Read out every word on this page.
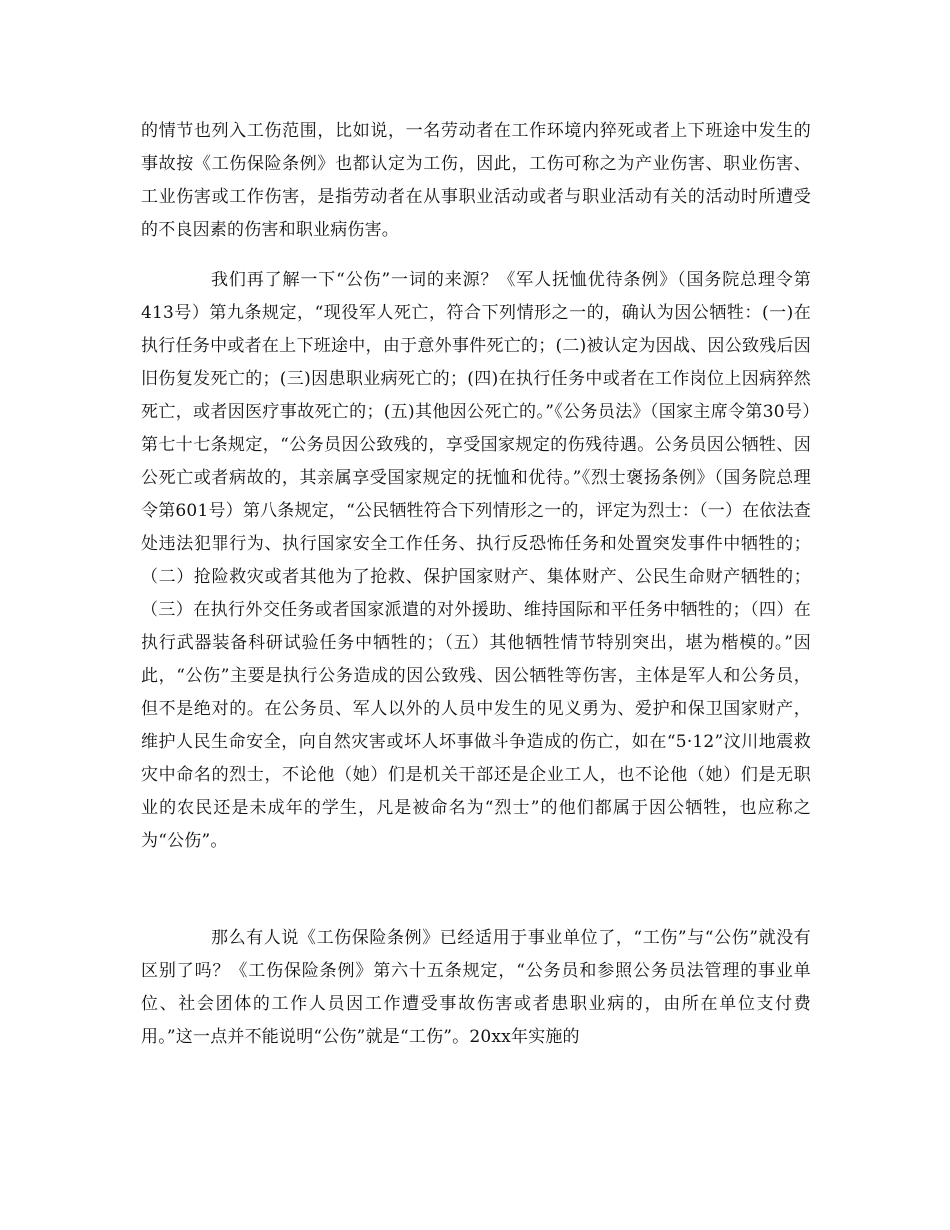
的情节也列入工伤范围，比如说，一名劳动者在工作环境内猝死或者上下班途中发生的事故按《工伤保险条例》也都认定为工伤，因此，工伤可称之为产业伤害、职业伤害、工业伤害或工作伤害，是指劳动者在从事职业活动或者与职业活动有关的活动时所遭受的不良因素的伤害和职业病伤害。

我们再了解一下“公伤”一词的来源？《军人抚恤优待条例》（国务院总理令第413号）第九条规定，“现役军人死亡，符合下列情形之一的，确认为因公牺牲：(一)在执行任务中或者在上下班途中，由于意外事件死亡的；(二)被认定为因战、因公致残后因旧伤复发死亡的；(三)因患职业病死亡的；(四)在执行任务中或者在工作岗位上因病猝然死亡，或者因医疗事故死亡的；(五)其他因公死亡的。”《公务员法》（国家主席令第30号）第七十七条规定，“公务员因公致残的，享受国家规定的伤残待遇。公务员因公牺牲、因公死亡或者病故的，其亲属享受国家规定的抚恤和优待。”《烈士褒扬条例》（国务院总理令第601号）第八条规定，“公民牺牲符合下列情形之一的，评定为烈士：（一）在依法查处违法犯罪行为、执行国家安全工作任务、执行反恐怖任务和处置突发事件中牺牲的；（二）抢险救灾或者其他为了抢救、保护国家财产、集体财产、公民生命财产牺牲的；（三）在执行外交任务或者国家派遣的对外援助、维持国际和平任务中牺牲的；（四）在执行武器装备科研试验任务中牺牲的；（五）其他牺牲情节特别突出，堪为楷模的。”因此，“公伤”主要是执行公务造成的因公致残、因公牺牲等伤害，主体是军人和公务员，但不是绝对的。在公务员、军人以外的人员中发生的见义勇为、爱护和保卫国家财产，维护人民生命安全，向自然灾害或坏人坏事做斗争造成的伤亡，如在“5·12”汶川地震救灾中命名的烈士，不论他（她）们是机关干部还是企业工人，也不论他（她）们是无职业的农民还是未成年的学生，凡是被命名为“烈士”的他们都属于因公牺牲，也应称之为“公伤”。

那么有人说《工伤保险条例》已经适用于事业单位了，“工伤”与“公伤”就没有区别了吗？《工伤保险条例》第六十五条规定，“公务员和参照公务员法管理的事业单位、社会团体的工作人员因工作遭受事故伤害或者患职业病的，由所在单位支付费用。”这一点并不能说明“公伤”就是“工伤”。20xx年实施的
